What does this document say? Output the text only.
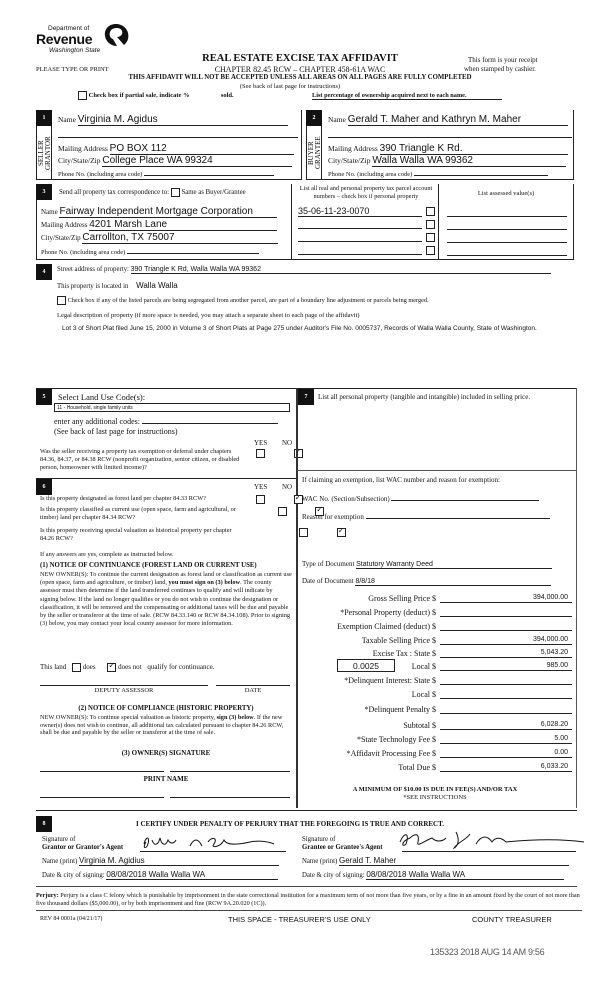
Department of
Revenue
Washington State
PLEASE TYPE OR PRINT
REAL ESTATE EXCISE TAX AFFIDAVIT
CHAPTER 82.45 RCW – CHAPTER 458-61A WAC
This form is your receipt
when stamped by cashier.
THIS AFFIDAVIT WILL NOT BE ACCEPTED UNLESS ALL AREAS ON ALL PAGES ARE FULLY COMPLETED
(See back of last page for instructions)
Check box if partial sale, indicate %	sold.	List percentage of ownership acquired next to each name.
1
SELLER GRANTOR
Name Virginia M. Agidus
Mailing Address PO BOX 112
City/State/Zip College Place WA 99324
Phone No. (including area code)
2
BUYER GRANTEE
Name Gerald T. Maher and Kathryn M. Maher
Mailing Address 390 Triangle K Rd.
City/State/Zip Walla Walla WA 99362
Phone No. (including area code)
3	Send all property tax correspondence to: Same as Buyer/Grantee
Name Fairway Independent Mortgage Corporation
Mailing Address 4201 Marsh Lane
City/State/Zip Carrollton, TX 75007
Phone No. (including area code)
List all real and personal property tax parcel account numbers – check box if personal property
35-06-11-23-0070
List assessed value(s)
4	Street address of property: 390 Triangle K Rd, Walla Walla WA 99362
This property is located in Walla Walla
Check box if any of the listed parcels are being segregated from another parcel, are part of a boundary line adjustment or parcels being merged.
Legal description of property (if more space is needed, you may attach a separate sheet to each page of the affidavit)
Lot 3 of Short Plat filed June 15, 2000 in Volume 3 of Short Plats at Page 275 under Auditor's File No. 0005737, Records of Walla Walla County, State of Washington.
5	Select Land Use Code(s):
11 - Household, single family units
enter any additional codes:
(See back of last page for instructions)
YES NO
Was the seller receiving a property tax exemption or deferral under chapters 84.36, 84.37, or 84.38 RCW (nonprofit organization, senior citizen, or disabled person, homeowner with limited income)?
✓
6	YES NO
Is this property designated as forest land per chapter 84.33 RCW?
✓
Is this property classified as current use (open space, farm and agricultural, or timber) land per chapter 84.34 RCW?
✓
Is this property receiving special valuation as historical property per chapter 84.26 RCW?
✓
If any answers are yes, complete as instructed below.
(1) NOTICE OF CONTINUANCE (FOREST LAND OR CURRENT USE)
NEW OWNER(S): To continue the current designation as forest land or classification as current use (open space, farm and agriculture, or timber) land, you must sign on (3) below. The county assessor must then determine if the land transferred continues to qualify and will indicate by signing below. If the land no longer qualifies or you do not wish to continue the designation or classification, it will be removed and the compensating or additional taxes will be due and payable by the seller or transferor at the time of sale. (RCW 84.33.140 or RCW 84.34.108). Prior to signing (3) below, you may contact your local county assessor for more information.
This land does ✓	does not qualify for continuance.
DEPUTY ASSESSOR	DATE
(2) NOTICE OF COMPLIANCE (HISTORIC PROPERTY)
NEW OWNER(S): To continue special valuation as historic property, sign (3) below. If the new owner(s) does not wish to continue, all additional tax calculated pursuant to chapter 84.26 RCW, shall be due and payable by the seller or transferor at the time of sale.
(3) OWNER(S) SIGNATURE
PRINT NAME
7	List all personal property (tangible and intangible) included in selling price.
If claiming an exemption, list WAC number and reason for exemption:
WAC No. (Section/Subsection)
Reason for exemption
Type of Document Statutory Warranty Deed
Date of Document 8/8/18
Gross Selling Price $	394,000.00
*Personal Property (deduct) $
Exemption Claimed (deduct) $
Taxable Selling Price $	394,000.00
Excise Tax : State $	5,043.20
0.0025	Local $	985.00
*Delinquent Interest: State $
Local $
*Delinquent Penalty $
Subtotal $	6,028.20
*State Technology Fee $	5.00
*Affidavit Processing Fee $	0.00
Total Due $	6,033.20
A MINIMUM OF $10.00 IS DUE IN FEE(S) AND/OR TAX
*SEE INSTRUCTIONS
8	I CERTIFY UNDER PENALTY OF PERJURY THAT THE FOREGOING IS TRUE AND CORRECT.
Signature of
Grantor or Grantor's Agent
Name (print) Virginia M. Agidius
Date & city of signing: 08/08/2018 Walla Walla WA
Signature of
Grantee or Grantee's Agent
Name (print) Gerald T. Maher
Date & city of signing: 08/08/2018 Walla Walla WA
Perjury: Perjury is a class C felony which is punishable by imprisonment in the state correctional institution for a maximum term of not more than five years, or by a fine in an amount fixed by the court of not more than five thousand dollars ($5,000.00), or by both imprisonment and fine (RCW 9A.20.020 (1C)).
REV 84 0001a (04/21/17)	THIS SPACE - TREASURER'S USE ONLY	COUNTY TREASURER
135323 2018 AUG 14 AM 9:56
